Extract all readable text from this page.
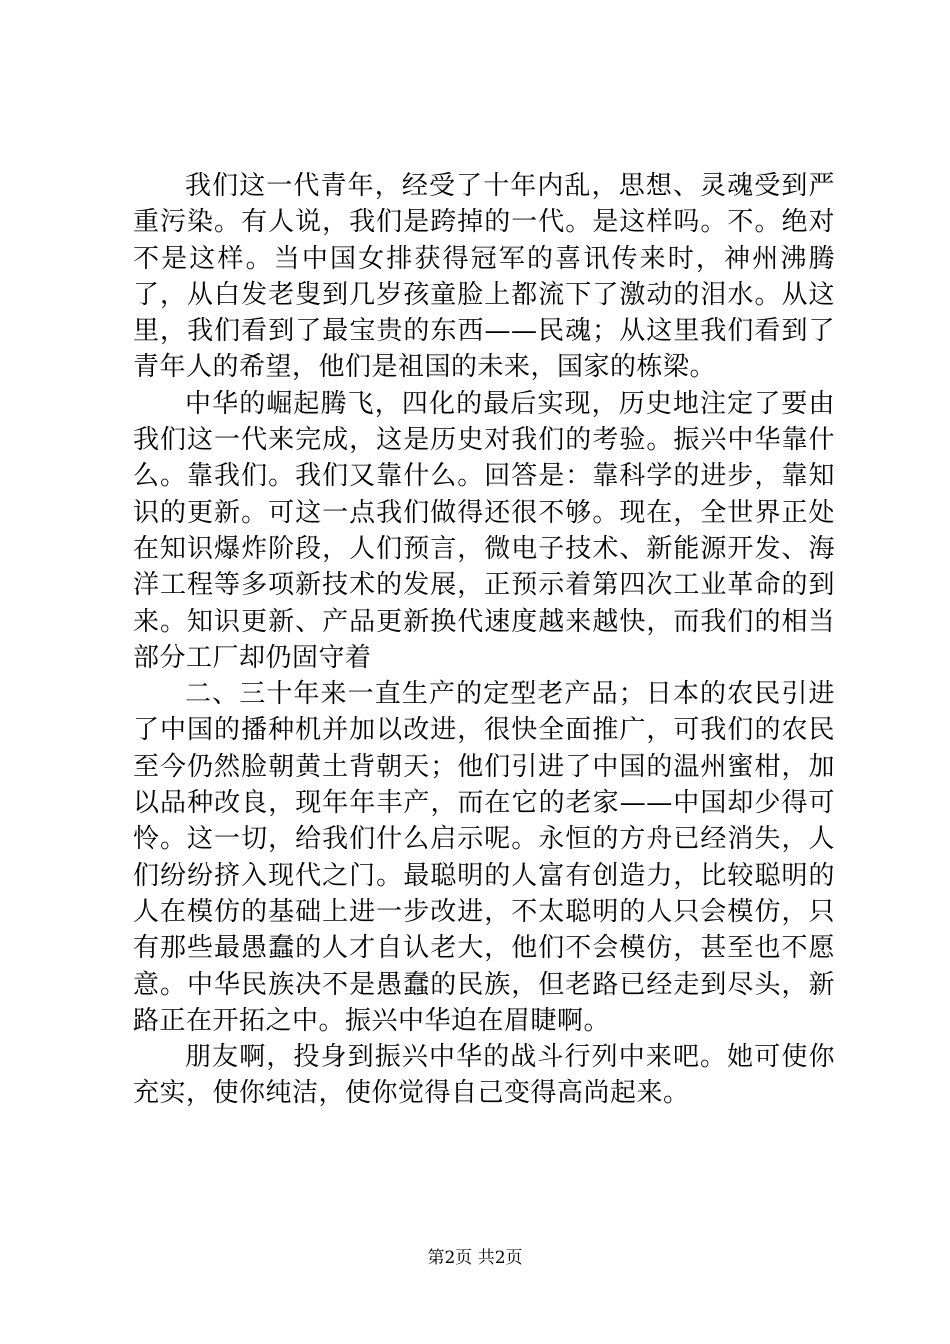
我们这一代青年，经受了十年内乱，思想、灵魂受到严重污染。有人说，我们是跨掉的一代。是这样吗。不。绝对不是这样。当中国女排获得冠军的喜讯传来时，神州沸腾了，从白发老叟到几岁孩童脸上都流下了激动的泪水。从这里，我们看到了最宝贵的东西——民魂；从这里我们看到了青年人的希望，他们是祖国的未来，国家的栋梁。

中华的崛起腾飞，四化的最后实现，历史地注定了要由我们这一代来完成，这是历史对我们的考验。振兴中华靠什么。靠我们。我们又靠什么。回答是：靠科学的进步，靠知识的更新。可这一点我们做得还很不够。现在，全世界正处在知识爆炸阶段，人们预言，微电子技术、新能源开发、海洋工程等多项新技术的发展，正预示着第四次工业革命的到来。知识更新、产品更新换代速度越来越快，而我们的相当部分工厂却仍固守着

二、三十年来一直生产的定型老产品；日本的农民引进了中国的播种机并加以改进，很快全面推广，可我们的农民至今仍然脸朝黄土背朝天；他们引进了中国的温州蜜柑，加以品种改良，现年年丰产，而在它的老家——中国却少得可怜。这一切，给我们什么启示呢。永恒的方舟已经消失，人们纷纷挤入现代之门。最聪明的人富有创造力，比较聪明的人在模仿的基础上进一步改进，不太聪明的人只会模仿，只有那些最愚蠢的人才自认老大，他们不会模仿，甚至也不愿意。中华民族决不是愚蠢的民族，但老路已经走到尽头，新路正在开拓之中。振兴中华迫在眉睫啊。

朋友啊，投身到振兴中华的战斗行列中来吧。她可使你充实，使你纯洁，使你觉得自己变得高尚起来。

第2页 共2页
